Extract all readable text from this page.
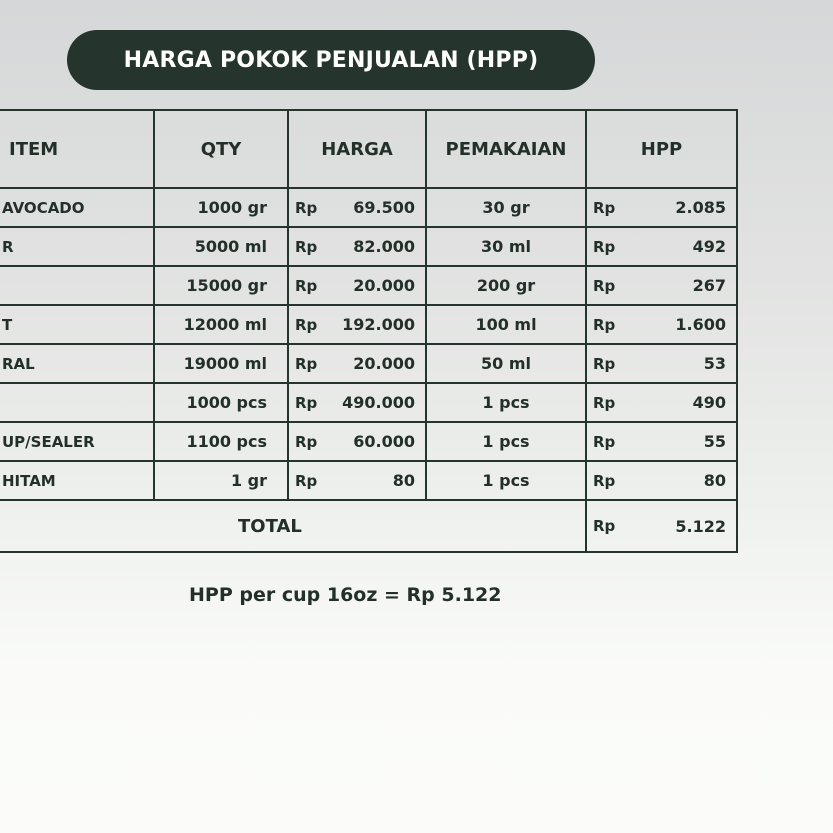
HARGA POKOK PENJUALAN (HPP)
ITEM	QTY	HARGA	PEMAKAIAN	HPP
AVOCADO	1000 gr	Rp 69.500	30 gr	Rp 2.085

R	5000 ml	Rp 82.000	30 ml	Rp 492

	15000 gr	Rp 20.000	200 gr	Rp 267

T	12000 ml	Rp 192.000	100 ml	Rp 1.600

RAL	19000 ml	Rp 20.000	50 ml	Rp 53

	1000 pcs	Rp 490.000	1 pcs	Rp 490

UP/SEALER	1100 pcs	Rp 60.000	1 pcs	Rp 55

HITAM	1 gr	Rp 80	1 pcs	Rp 80

TOTAL				Rp 5.122
HPP per cup 16oz = Rp 5.122
